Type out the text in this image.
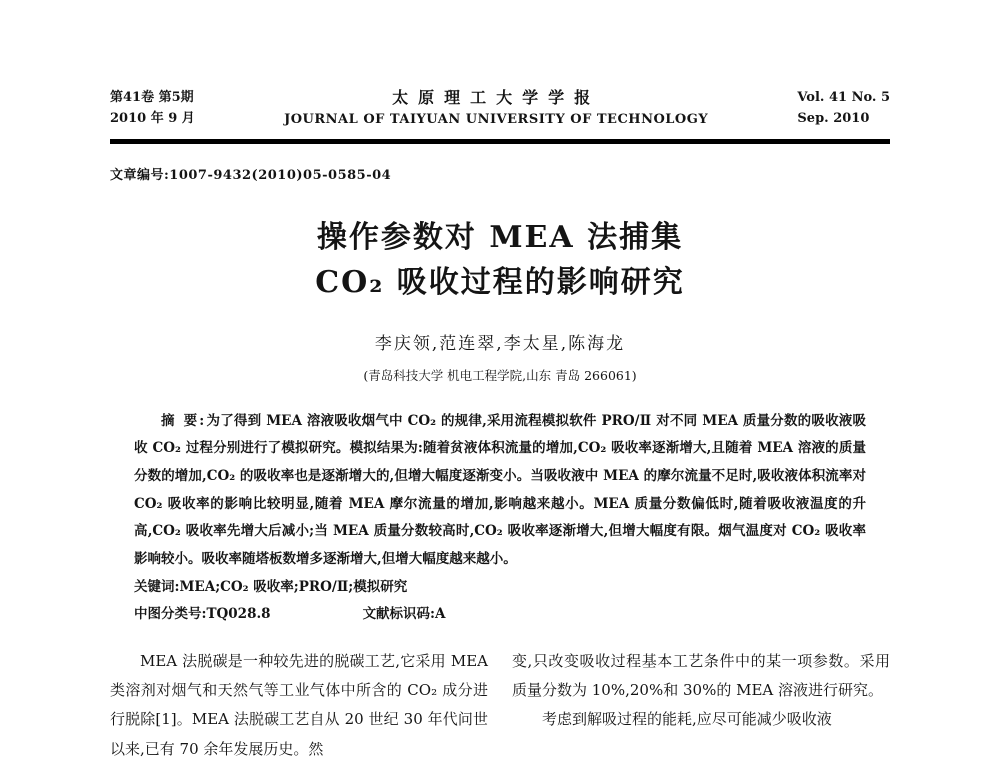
第41卷 第5期
2010 年 9 月
太原理工大学学报
JOURNAL OF TAIYUAN UNIVERSITY OF TECHNOLOGY
Vol. 41 No. 5
Sep. 2010
文章编号:1007-9432(2010)05-0585-04
操作参数对 MEA 法捕集
CO₂ 吸收过程的影响研究
李庆领,范连翠,李太星,陈海龙
(青岛科技大学 机电工程学院,山东 青岛 266061)
摘 要:为了得到 MEA 溶液吸收烟气中 CO₂ 的规律,采用流程模拟软件 PRO/Ⅱ 对不同 MEA 质量分数的吸收液吸收 CO₂ 过程分别进行了模拟研究。模拟结果为:随着贫液体积流量的增加,CO₂ 吸收率逐渐增大,且随着 MEA 溶液的质量分数的增加,CO₂ 的吸收率也是逐渐增大的,但增大幅度逐渐变小。当吸收液中 MEA 的摩尔流量不足时,吸收液体积流率对 CO₂ 吸收率的影响比较明显,随着 MEA 摩尔流量的增加,影响越来越小。MEA 质量分数偏低时,随着吸收液温度的升高,CO₂ 吸收率先增大后减小;当 MEA 质量分数较高时,CO₂ 吸收率逐渐增大,但增大幅度有限。烟气温度对 CO₂ 吸收率影响较小。吸收率随塔板数增多逐渐增大,但增大幅度越来越小。
关键词:MEA;CO₂ 吸收率;PRO/Ⅱ;模拟研究
中图分类号:TQ028.8	文献标识码:A

MEA 法脱碳是一种较先进的脱碳工艺,它采用 MEA 类溶剂对烟气和天然气等工业气体中所含的 CO₂ 成分进行脱除[1]。MEA 法脱碳工艺自从 20 世纪 30 年代问世以来,已有 70 余年发展历史。然

变,只改变吸收过程基本工艺条件中的某一项参数。采用质量分数为 10%,20%和 30%的 MEA 溶液进行研究。

考虑到解吸过程的能耗,应尽可能减少吸收液
